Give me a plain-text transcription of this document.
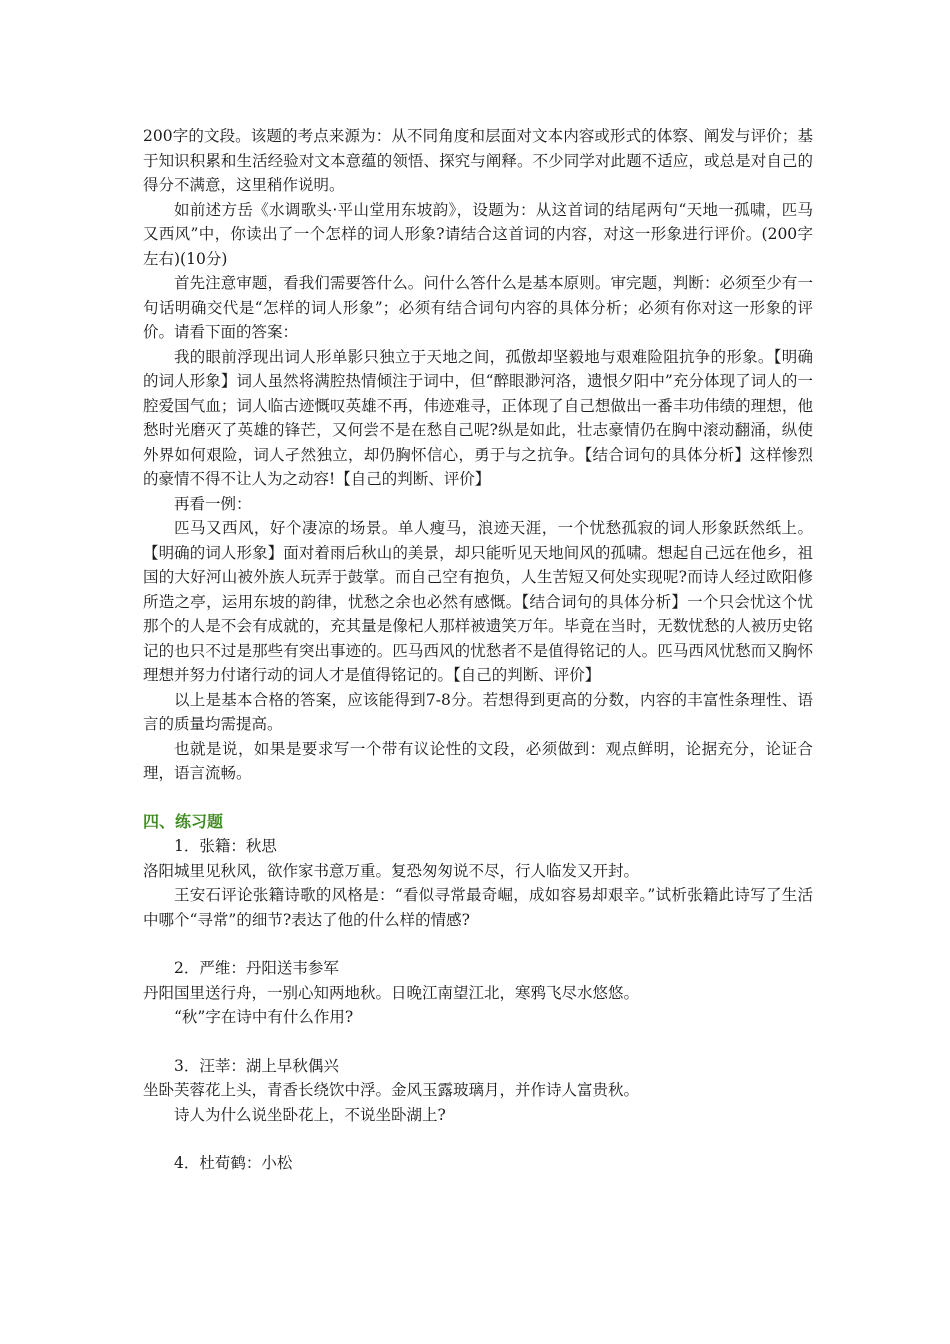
200字的文段。该题的考点来源为：从不同角度和层面对文本内容或形式的体察、阐发与评价；基于知识积累和生活经验对文本意蕴的领悟、探究与阐释。不少同学对此题不适应，或总是对自己的得分不满意，这里稍作说明。

如前述方岳《水调歌头·平山堂用东坡韵》，设题为：从这首词的结尾两句“天地一孤啸，匹马又西风”中，你读出了一个怎样的词人形象?请结合这首词的内容，对这一形象进行评价。(200字左右)(10分)

首先注意审题，看我们需要答什么。问什么答什么是基本原则。审完题，判断：必须至少有一句话明确交代是“怎样的词人形象”；必须有结合词句内容的具体分析；必须有你对这一形象的评价。请看下面的答案：

我的眼前浮现出词人形单影只独立于天地之间，孤傲却坚毅地与艰难险阻抗争的形象。【明确的词人形象】词人虽然将满腔热情倾注于词中，但“醉眼渺河洛，遗恨夕阳中”充分体现了词人的一腔爱国气血；词人临古迹慨叹英雄不再，伟迹难寻，正体现了自己想做出一番丰功伟绩的理想，他愁时光磨灭了英雄的锋芒，又何尝不是在愁自己呢?纵是如此，壮志豪情仍在胸中滚动翻涌，纵使外界如何艰险，词人孑然独立，却仍胸怀信心，勇于与之抗争。【结合词句的具体分析】这样惨烈的豪情不得不让人为之动容!【自己的判断、评价】

再看一例：

匹马又西风，好个凄凉的场景。单人瘦马，浪迹天涯，一个忧愁孤寂的词人形象跃然纸上。【明确的词人形象】面对着雨后秋山的美景，却只能听见天地间风的孤啸。想起自己远在他乡，祖国的大好河山被外族人玩弄于鼓掌。而自己空有抱负，人生苦短又何处实现呢?而诗人经过欧阳修所造之亭，运用东坡的韵律，忧愁之余也必然有感慨。【结合词句的具体分析】一个只会忧这个忧那个的人是不会有成就的，充其量是像杞人那样被遗笑万年。毕竟在当时，无数忧愁的人被历史铭记的也只不过是那些有突出事迹的。匹马西风的忧愁者不是值得铭记的人。匹马西风忧愁而又胸怀理想并努力付诸行动的词人才是值得铭记的。【自己的判断、评价】

以上是基本合格的答案，应该能得到7-8分。若想得到更高的分数，内容的丰富性条理性、语言的质量均需提高。

也就是说，如果是要求写一个带有议论性的文段，必须做到：观点鲜明，论据充分，论证合理，语言流畅。

四、练习题

1．张籍：秋思

洛阳城里见秋风，欲作家书意万重。复恐匆匆说不尽，行人临发又开封。

王安石评论张籍诗歌的风格是：“看似寻常最奇崛，成如容易却艰辛。”试析张籍此诗写了生活中哪个“寻常”的细节?表达了他的什么样的情感?

2．严维：丹阳送韦参军

丹阳国里送行舟，一别心知两地秋。日晚江南望江北，寒鸦飞尽水悠悠。

“秋”字在诗中有什么作用?

3．汪莘：湖上早秋偶兴

坐卧芙蓉花上头，青香长绕饮中浮。金风玉露玻璃月，并作诗人富贵秋。

诗人为什么说坐卧花上，不说坐卧湖上?

4．杜荀鹤：小松
